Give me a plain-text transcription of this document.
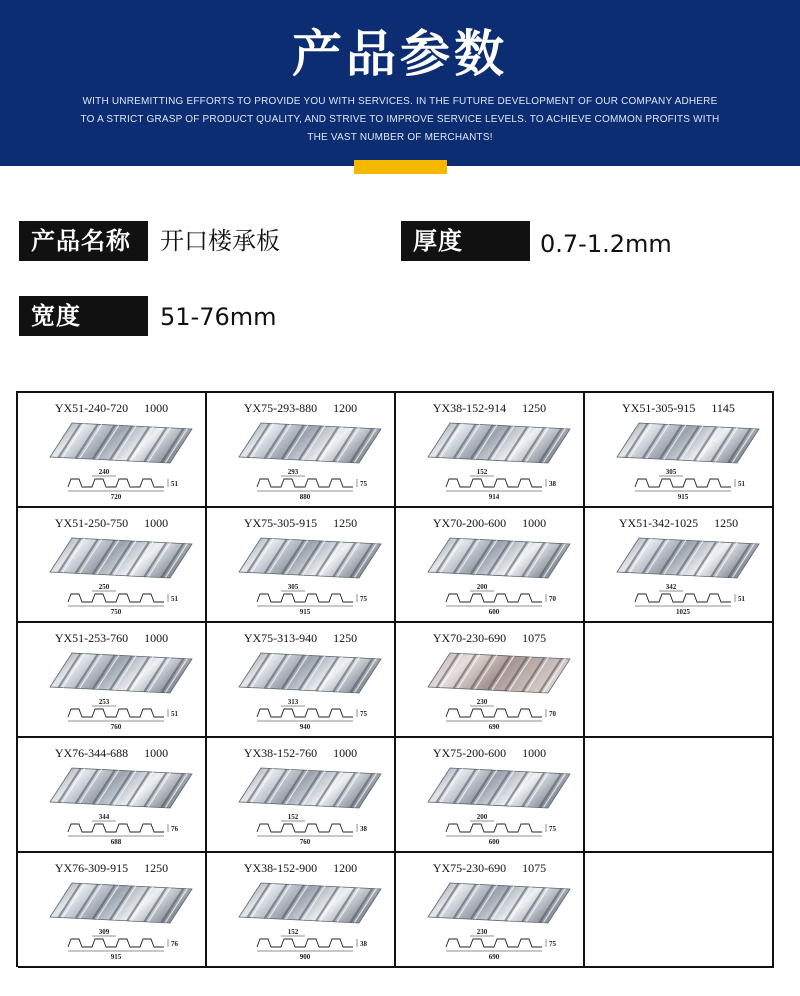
产品参数
WITH UNREMITTING EFFORTS TO PROVIDE YOU WITH SERVICES. IN THE FUTURE DEVELOPMENT OF OUR COMPANY ADHERE TO A STRICT GRASP OF PRODUCT QUALITY, AND STRIVE TO IMPROVE SERVICE LEVELS. TO ACHIEVE COMMON PROFITS WITH THE VAST NUMBER OF MERCHANTS!
产品名称	开口楼承板	厚度	0.7-1.2mm
宽度	51-76mm
YX51-240-720 1000
240
720
51
YX75-293-880 1200
293
880
75
YX38-152-914 1250
152
914
38
YX51-305-915 1145
305
915
51
YX51-250-750 1000
250
750
51
YX75-305-915 1250
305
915
75
YX70-200-600 1000
200
600
70
YX51-342-1025 1250
342
1025
51
YX51-253-760 1000
253
760
51
YX75-313-940 1250
313
940
75
YX70-230-690 1075
230
690
70
YX76-344-688 1000
344
688
76
YX38-152-760 1000
152
760
38
YX75-200-600 1000
200
600
75
YX76-309-915 1250
309
915
76
YX38-152-900 1200
152
900
38
YX75-230-690 1075
230
690
75
